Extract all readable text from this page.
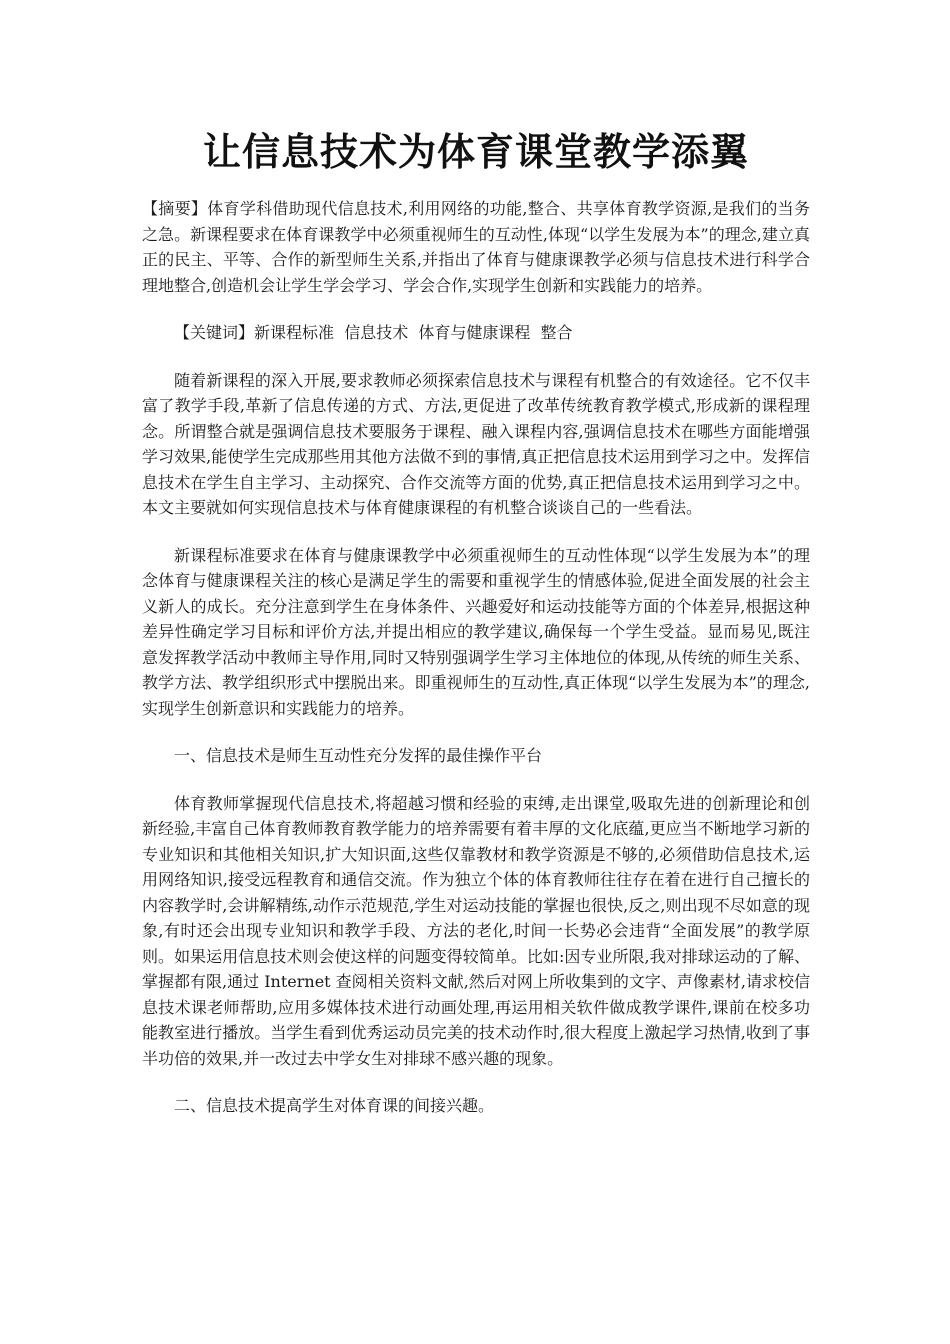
让信息技术为体育课堂教学添翼

【摘要】体育学科借助现代信息技术,利用网络的功能,整合、共享体育教学资源,是我们的当务之急。新课程要求在体育课教学中必须重视师生的互动性,体现“以学生发展为本”的理念,建立真正的民主、平等、合作的新型师生关系,并指出了体育与健康课教学必须与信息技术进行科学合理地整合,创造机会让学生学会学习、学会合作,实现学生创新和实践能力的培养。

【关键词】新课程标准  信息技术  体育与健康课程  整合

随着新课程的深入开展,要求教师必须探索信息技术与课程有机整合的有效途径。它不仅丰富了教学手段,革新了信息传递的方式、方法,更促进了改革传统教育教学模式,形成新的课程理念。所谓整合就是强调信息技术要服务于课程、融入课程内容,强调信息技术在哪些方面能增强学习效果,能使学生完成那些用其他方法做不到的事情,真正把信息技术运用到学习之中。发挥信息技术在学生自主学习、主动探究、合作交流等方面的优势,真正把信息技术运用到学习之中。本文主要就如何实现信息技术与体育健康课程的有机整合谈谈自己的一些看法。

新课程标准要求在体育与健康课教学中必须重视师生的互动性体现“以学生发展为本”的理念体育与健康课程关注的核心是满足学生的需要和重视学生的情感体验,促进全面发展的社会主义新人的成长。充分注意到学生在身体条件、兴趣爱好和运动技能等方面的个体差异,根据这种差异性确定学习目标和评价方法,并提出相应的教学建议,确保每一个学生受益。显而易见,既注意发挥教学活动中教师主导作用,同时又特别强调学生学习主体地位的体现,从传统的师生关系、教学方法、教学组织形式中摆脱出来。即重视师生的互动性,真正体现“以学生发展为本”的理念,实现学生创新意识和实践能力的培养。

一、信息技术是师生互动性充分发挥的最佳操作平台

体育教师掌握现代信息技术,将超越习惯和经验的束缚,走出课堂,吸取先进的创新理论和创新经验,丰富自己体育教师教育教学能力的培养需要有着丰厚的文化底蕴,更应当不断地学习新的专业知识和其他相关知识,扩大知识面,这些仅靠教材和教学资源是不够的,必须借助信息技术,运用网络知识,接受远程教育和通信交流。作为独立个体的体育教师往往存在着在进行自己擅长的内容教学时,会讲解精练,动作示范规范,学生对运动技能的掌握也很快,反之,则出现不尽如意的现象,有时还会出现专业知识和教学手段、方法的老化,时间一长势必会违背“全面发展”的教学原则。如果运用信息技术则会使这样的问题变得较简单。比如:因专业所限,我对排球运动的了解、掌握都有限,通过 Internet 查阅相关资料文献,然后对网上所收集到的文字、声像素材,请求校信息技术课老师帮助,应用多媒体技术进行动画处理,再运用相关软件做成教学课件,课前在校多功能教室进行播放。当学生看到优秀运动员完美的技术动作时,很大程度上激起学习热情,收到了事半功倍的效果,并一改过去中学女生对排球不感兴趣的现象。

二、信息技术提高学生对体育课的间接兴趣。
